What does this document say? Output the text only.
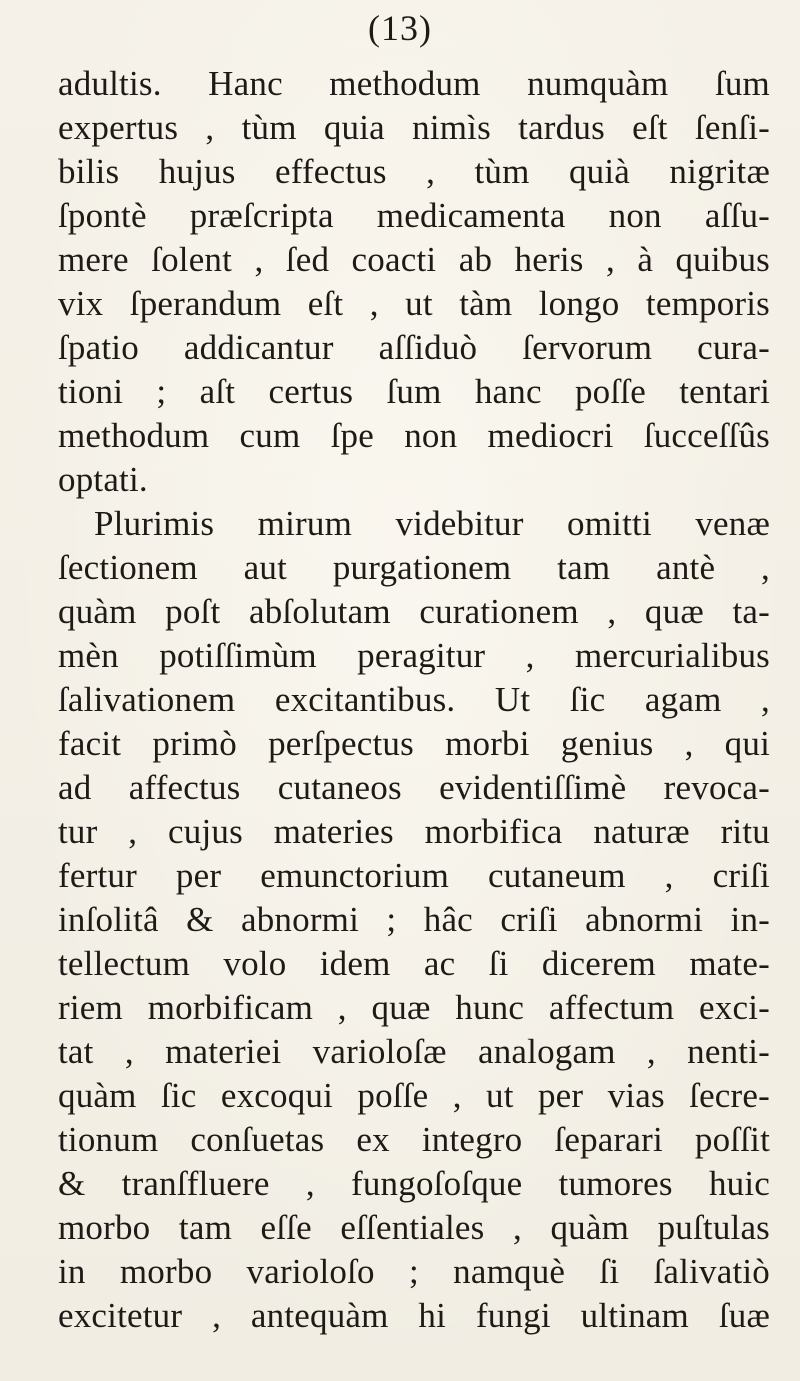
(13)
adultis. Hanc methodum numquàm ſum
expertus , tùm quia nimìs tardus eſt ſenſi-
bilis hujus effectus , tùm quià nigritæ
ſpontè præſcripta medicamenta non aſſu-
mere ſolent , ſed coacti ab heris , à quibus
vix ſperandum eſt , ut tàm longo temporis
ſpatio addicantur aſſiduò ſervorum cura-
tioni ; aſt certus ſum hanc poſſe tentari
methodum cum ſpe non mediocri ſucceſſûs
optati.
Plurimis mirum videbitur omitti venæ
ſectionem aut purgationem tam antè ,
quàm poſt abſolutam curationem , quæ ta-
mèn potiſſimùm peragitur , mercurialibus
ſalivationem excitantibus. Ut ſic agam ,
facit primò perſpectus morbi genius , qui
ad affectus cutaneos evidentiſſimè revoca-
tur , cujus materies morbifica naturæ ritu
fertur per emunctorium cutaneum , criſi
inſolitâ & abnormi ; hâc criſi abnormi in-
tellectum volo idem ac ſi dicerem mate-
riem morbificam , quæ hunc affectum exci-
tat , materiei varioloſæ analogam , nenti-
quàm ſic excoqui poſſe , ut per vias ſecre-
tionum conſuetas ex integro ſeparari poſſit
& tranſfluere , fungoſoſque tumores huic
morbo tam eſſe eſſentiales , quàm puſtulas
in morbo varioloſo ; namquè ſi ſalivatiò
excitetur , antequàm hi fungi ultinam ſuæ
